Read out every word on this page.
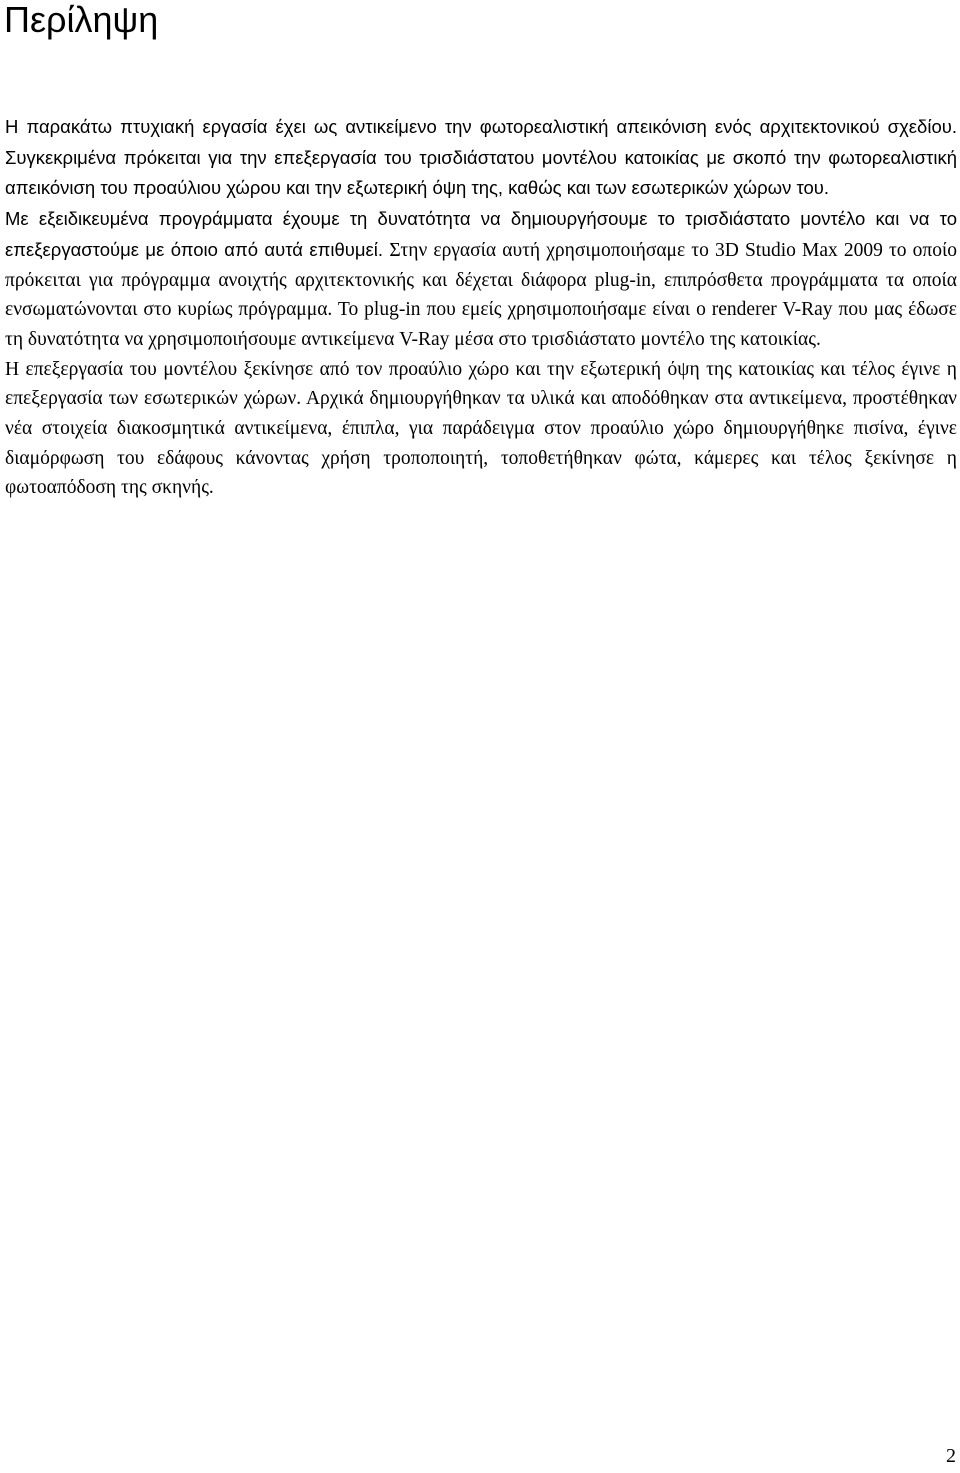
Περίληψη

Η παρακάτω πτυχιακή εργασία έχει ως αντικείμενο την φωτορεαλιστική απεικόνιση ενός αρχιτεκτονικού σχεδίου. Συγκεκριμένα πρόκειται για την επεξεργασία του τρισδιάστατου μοντέλου κατοικίας με σκοπό την φωτορεαλιστική απεικόνιση του προαύλιου χώρου και την εξωτερική όψη της, καθώς και των εσωτερικών χώρων του.

Με εξειδικευμένα προγράμματα έχουμε τη δυνατότητα να δημιουργήσουμε το τρισδιάστατο μοντέλο και να το επεξεργαστούμε με όποιο από αυτά επιθυμεί. Στην εργασία αυτή χρησιμοποιήσαμε το 3D Studio Max 2009 το οποίο πρόκειται για πρόγραμμα ανοιχτής αρχιτεκτονικής και δέχεται διάφορα plug-in, επιπρόσθετα προγράμματα τα οποία ενσωματώνονται στο κυρίως πρόγραμμα. Το plug-in που εμείς χρησιμοποιήσαμε είναι ο renderer V-Ray που μας έδωσε τη δυνατότητα να χρησιμοποιήσουμε αντικείμενα V-Ray μέσα στο τρισδιάστατο μοντέλο της κατοικίας.

Η επεξεργασία του μοντέλου ξεκίνησε από τον προαύλιο χώρο και την εξωτερική όψη της κατοικίας και τέλος έγινε η επεξεργασία των εσωτερικών χώρων. Αρχικά δημιουργήθηκαν τα υλικά και αποδόθηκαν στα αντικείμενα, προστέθηκαν νέα στοιχεία διακοσμητικά αντικείμενα, έπιπλα, για παράδειγμα στον προαύλιο χώρο δημιουργήθηκε πισίνα, έγινε διαμόρφωση του εδάφους κάνοντας χρήση τροποποιητή, τοποθετήθηκαν φώτα, κάμερες και τέλος ξεκίνησε η φωτοαπόδοση της σκηνής.

2
